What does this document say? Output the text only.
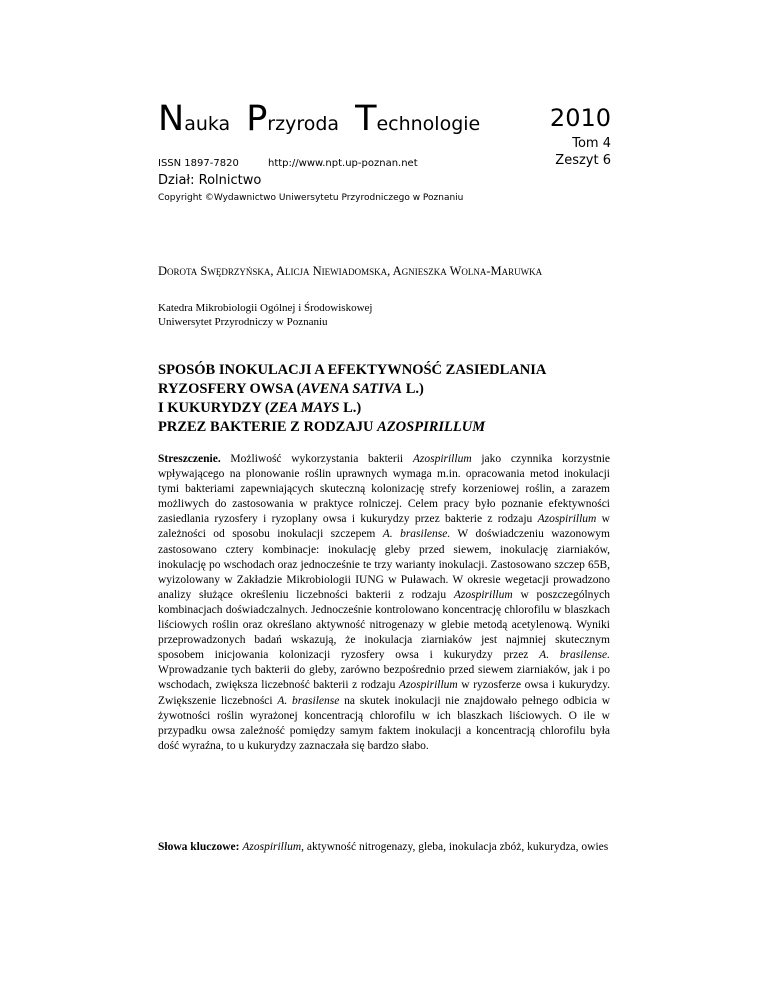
Nauka Przyroda Technologie
ISSN 1897-7820	http://www.npt.up-poznan.net
Dział: Rolnictwo
Copyright ©Wydawnictwo Uniwersytetu Przyrodniczego w Poznaniu
2010
Tom 4
Zeszyt 6
Dorota Swędrzyńska, Alicja Niewiadomska, Agnieszka Wolna-Maruwka
Katedra Mikrobiologii Ogólnej i Środowiskowej
Uniwersytet Przyrodniczy w Poznaniu
SPOSÓB INOKULACJI A EFEKTYWNOŚĆ ZASIEDLANIA
RYZOSFERY OWSA (AVENA SATIVA L.)
I KUKURYDZY (ZEA MAYS L.)
PRZEZ BAKTERIE Z RODZAJU AZOSPIRILLUM
Streszczenie. Możliwość wykorzystania bakterii Azospirillum jako czynnika korzystnie wpływającego na plonowanie roślin uprawnych wymaga m.in. opracowania metod inokulacji tymi bakteriami zapewniających skuteczną kolonizację strefy korzeniowej roślin, a zarazem możliwych do zastosowania w praktyce rolniczej. Celem pracy było poznanie efektywności zasiedlania ryzosfery i ryzoplany owsa i kukurydzy przez bakterie z rodzaju Azospirillum w zależności od sposobu inokulacji szczepem A. brasilense. W doświadczeniu wazonowym zastosowano cztery kombinacje: inokulację gleby przed siewem, inokulację ziarniaków, inokulację po wschodach oraz jednocześnie te trzy warianty inokulacji. Zastosowano szczep 65B, wyizolowany w Zakładzie Mikrobiologii IUNG w Puławach. W okresie wegetacji prowadzono analizy służące określeniu liczebności bakterii z rodzaju Azospirillum w poszczególnych kombinacjach doświadczalnych. Jednocześnie kontrolowano koncentrację chlorofilu w blaszkach liściowych roślin oraz określano aktywność nitrogenazy w glebie metodą acetylenową. Wyniki przeprowadzonych badań wskazują, że inokulacja ziarniaków jest najmniej skutecznym sposobem inicjowania kolonizacji ryzosfery owsa i kukurydzy przez A. brasilense. Wprowadzanie tych bakterii do gleby, zarówno bezpośrednio przed siewem ziarniaków, jak i po wschodach, zwiększa liczebność bakterii z rodzaju Azospirillum w ryzosferze owsa i kukurydzy. Zwiększenie liczebności A. brasilense na skutek inokulacji nie znajdowało pełnego odbicia w żywotności roślin wyrażonej koncentracją chlorofilu w ich blaszkach liściowych. O ile w przypadku owsa zależność pomiędzy samym faktem inokulacji a koncentracją chlorofilu była dość wyraźna, to u kukurydzy zaznaczała się bardzo słabo.
Słowa kluczowe: Azospirillum, aktywność nitrogenazy, gleba, inokulacja zbóż, kukurydza, owies
